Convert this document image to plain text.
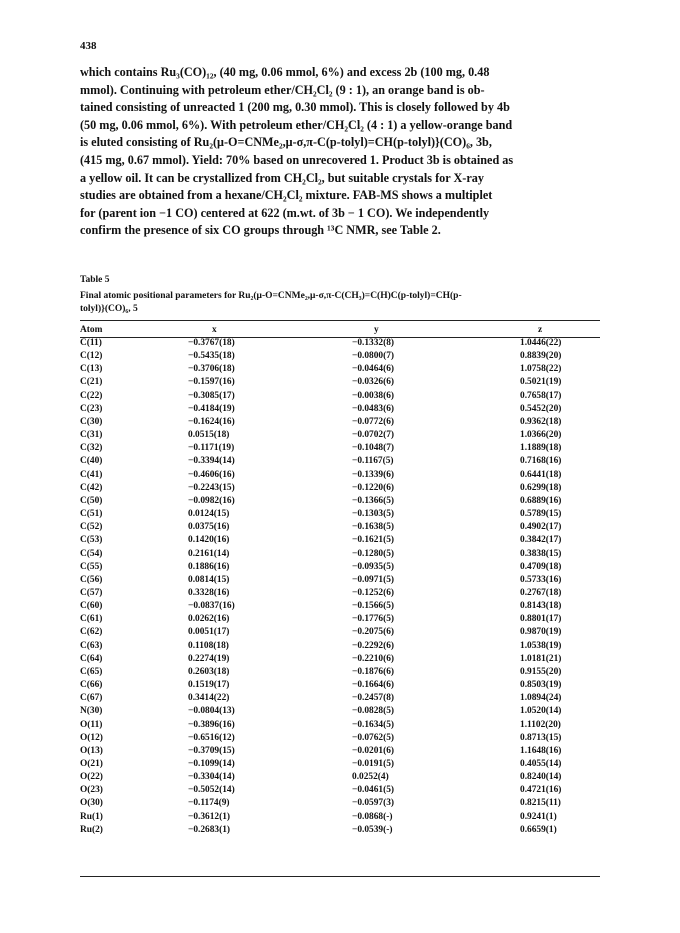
438

which contains Ru₃(CO)₁₂, (40 mg, 0.06 mmol, 6%) and excess 2b (100 mg, 0.48
mmol). Continuing with petroleum ether/CH₂Cl₂ (9 : 1), an orange band is ob-
tained consisting of unreacted 1 (200 mg, 0.30 mmol). This is closely followed by 4b
(50 mg, 0.06 mmol, 6%). With petroleum ether/CH₂Cl₂ (4 : 1) a yellow-orange band
is eluted consisting of Ru₂(μ-O=CNMe₂,μ-σ,π-C(p-tolyl)=CH(p-tolyl)}(CO)₆, 3b,
(415 mg, 0.67 mmol). Yield: 70% based on unrecovered 1. Product 3b is obtained as
a yellow oil. It can be crystallized from CH₂Cl₂, but suitable crystals for X-ray
studies are obtained from a hexane/CH₂Cl₂ mixture. FAB-MS shows a multiplet
for (parent ion −1 CO) centered at 622 (m.wt. of 3b − 1 CO). We independently
confirm the presence of six CO groups through ¹³C NMR, see Table 2.

Table 5
Final atomic positional parameters for Ru₂(μ-O=CNMe₂,μ-σ,π-C(CH₃)=C(H)C(p-tolyl)=CH(p-
tolyl)}(CO)₆, 5
Atom	x	y	z
C(11)	−0.3767(18)	−0.1332(8)	1.0446(22)
C(12)	−0.5435(18)	−0.0800(7)	0.8839(20)
C(13)	−0.3706(18)	−0.0464(6)	1.0758(22)
C(21)	−0.1597(16)	−0.0326(6)	0.5021(19)
C(22)	−0.3085(17)	−0.0038(6)	0.7658(17)
C(23)	−0.4184(19)	−0.0483(6)	0.5452(20)
C(30)	−0.1624(16)	−0.0772(6)	0.9362(18)
C(31)	0.0515(18)	−0.0702(7)	1.0366(20)
C(32)	−0.1171(19)	−0.1048(7)	1.1889(18)
C(40)	−0.3394(14)	−0.1167(5)	0.7168(16)
C(41)	−0.4606(16)	−0.1339(6)	0.6441(18)
C(42)	−0.2243(15)	−0.1220(6)	0.6299(18)
C(50)	−0.0982(16)	−0.1366(5)	0.6889(16)
C(51)	0.0124(15)	−0.1303(5)	0.5789(15)
C(52)	0.0375(16)	−0.1638(5)	0.4902(17)
C(53)	0.1420(16)	−0.1621(5)	0.3842(17)
C(54)	0.2161(14)	−0.1280(5)	0.3838(15)
C(55)	0.1886(16)	−0.0935(5)	0.4709(18)
C(56)	0.0814(15)	−0.0971(5)	0.5733(16)
C(57)	0.3328(16)	−0.1252(6)	0.2767(18)
C(60)	−0.0837(16)	−0.1566(5)	0.8143(18)
C(61)	0.0262(16)	−0.1776(5)	0.8801(17)
C(62)	0.0051(17)	−0.2075(6)	0.9870(19)
C(63)	0.1108(18)	−0.2292(6)	1.0538(19)
C(64)	0.2274(19)	−0.2210(6)	1.0181(21)
C(65)	0.2603(18)	−0.1876(6)	0.9155(20)
C(66)	0.1519(17)	−0.1664(6)	0.8503(19)
C(67)	0.3414(22)	−0.2457(8)	1.0894(24)
N(30)	−0.0804(13)	−0.0828(5)	1.0520(14)
O(11)	−0.3896(16)	−0.1634(5)	1.1102(20)
O(12)	−0.6516(12)	−0.0762(5)	0.8713(15)
O(13)	−0.3709(15)	−0.0201(6)	1.1648(16)
O(21)	−0.1099(14)	−0.0191(5)	0.4055(14)
O(22)	−0.3304(14)	0.0252(4)	0.8240(14)
O(23)	−0.5052(14)	−0.0461(5)	0.4721(16)
O(30)	−0.1174(9)	−0.0597(3)	0.8215(11)
Ru(1)	−0.3612(1)	−0.0868(‐)	0.9241(1)
Ru(2)	−0.2683(1)	−0.0539(‐)	0.6659(1)
